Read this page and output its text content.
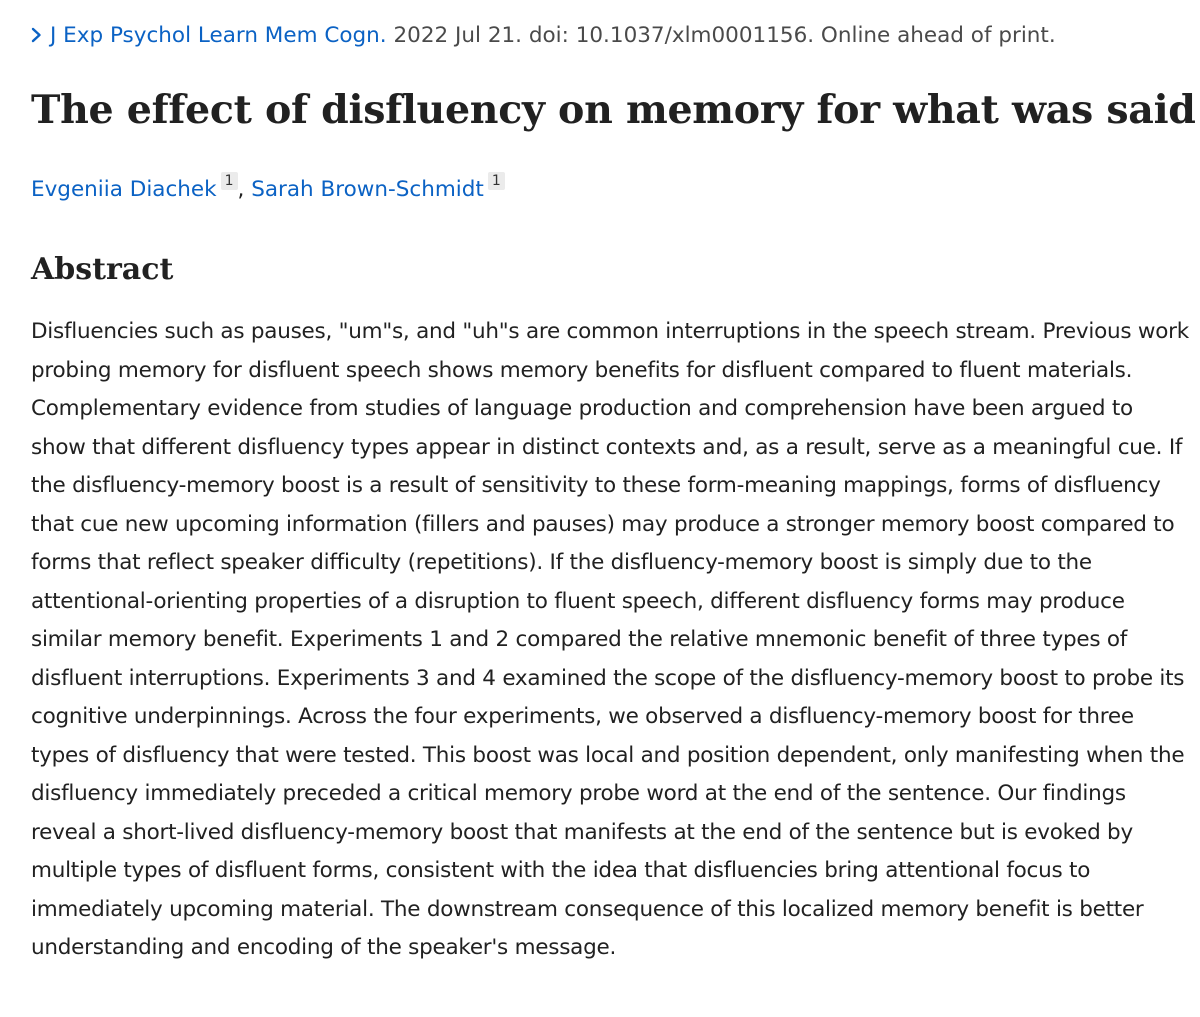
J Exp Psychol Learn Mem Cogn. 2022 Jul 21. doi: 10.1037/xlm0001156. Online ahead of print.
The effect of disfluency on memory for what was said
Evgeniia Diachek 1 , Sarah Brown-Schmidt 1
Abstract

Disfluencies such as pauses, "um"s, and "uh"s are common interruptions in the speech stream. Previous work probing memory for disfluent speech shows memory benefits for disfluent compared to fluent materials. Complementary evidence from studies of language production and comprehension have been argued to show that different disfluency types appear in distinct contexts and, as a result, serve as a meaningful cue. If the disfluency-memory boost is a result of sensitivity to these form-meaning mappings, forms of disfluency that cue new upcoming information (fillers and pauses) may produce a stronger memory boost compared to forms that reflect speaker difficulty (repetitions). If the disfluency-memory boost is simply due to the attentional-orienting properties of a disruption to fluent speech, different disfluency forms may produce similar memory benefit. Experiments 1 and 2 compared the relative mnemonic benefit of three types of disfluent interruptions. Experiments 3 and 4 examined the scope of the disfluency-memory boost to probe its cognitive underpinnings. Across the four experiments, we observed a disfluency-memory boost for three types of disfluency that were tested. This boost was local and position dependent, only manifesting when the disfluency immediately preceded a critical memory probe word at the end of the sentence. Our findings reveal a short-lived disfluency-memory boost that manifests at the end of the sentence but is evoked by multiple types of disfluent forms, consistent with the idea that disfluencies bring attentional focus to immediately upcoming material. The downstream consequence of this localized memory benefit is better understanding and encoding of the speaker's message.
